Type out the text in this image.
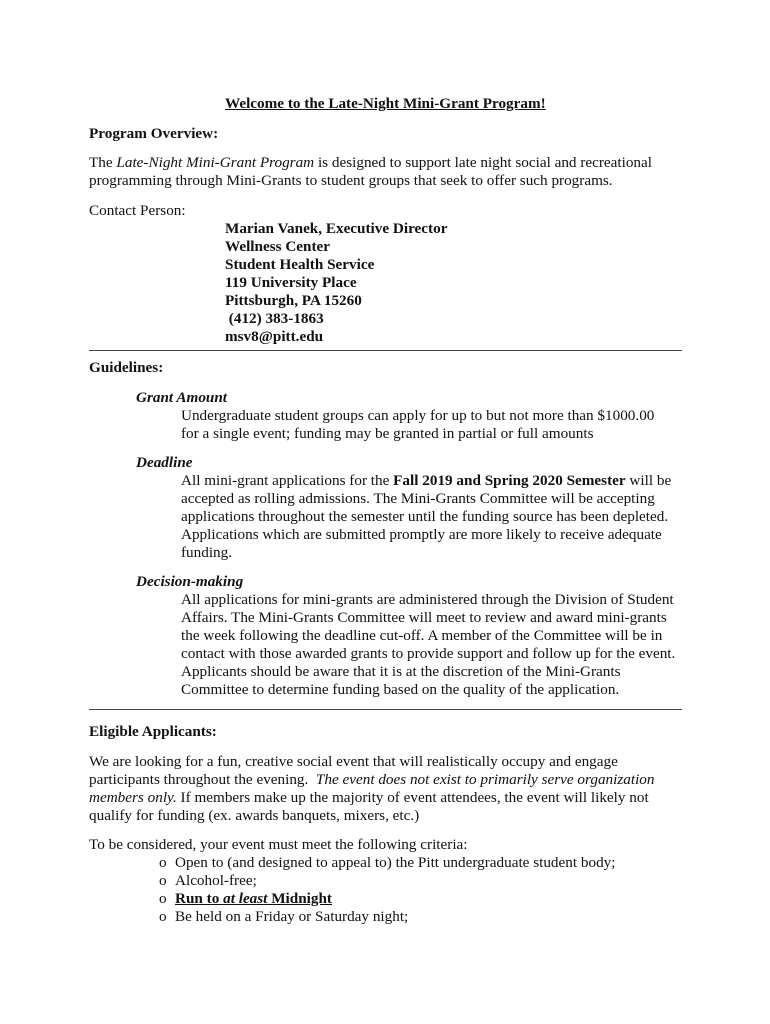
Welcome to the Late-Night Mini-Grant Program!
Program Overview:
The Late-Night Mini-Grant Program is designed to support late night social and recreational
programming through Mini-Grants to student groups that seek to offer such programs.
Contact Person:
Marian Vanek, Executive Director
Wellness Center
Student Health Service
119 University Place
Pittsburgh, PA 15260
(412) 383-1863
msv8@pitt.edu
Guidelines:
Grant Amount
Undergraduate student groups can apply for up to but not more than $1000.00
for a single event; funding may be granted in partial or full amounts
Deadline
All mini-grant applications for the Fall 2019 and Spring 2020 Semester will be
accepted as rolling admissions. The Mini-Grants Committee will be accepting
applications throughout the semester until the funding source has been depleted.
Applications which are submitted promptly are more likely to receive adequate
funding.
Decision-making
All applications for mini-grants are administered through the Division of Student
Affairs. The Mini-Grants Committee will meet to review and award mini-grants
the week following the deadline cut-off. A member of the Committee will be in
contact with those awarded grants to provide support and follow up for the event.
Applicants should be aware that it is at the discretion of the Mini-Grants
Committee to determine funding based on the quality of the application.
Eligible Applicants:
We are looking for a fun, creative social event that will realistically occupy and engage
participants throughout the evening.  The event does not exist to primarily serve organization
members only. If members make up the majority of event attendees, the event will likely not
qualify for funding (ex. awards banquets, mixers, etc.)
To be considered, your event must meet the following criteria:
o Open to (and designed to appeal to) the Pitt undergraduate student body;
o Alcohol-free;
o Run to at least Midnight
o Be held on a Friday or Saturday night;
